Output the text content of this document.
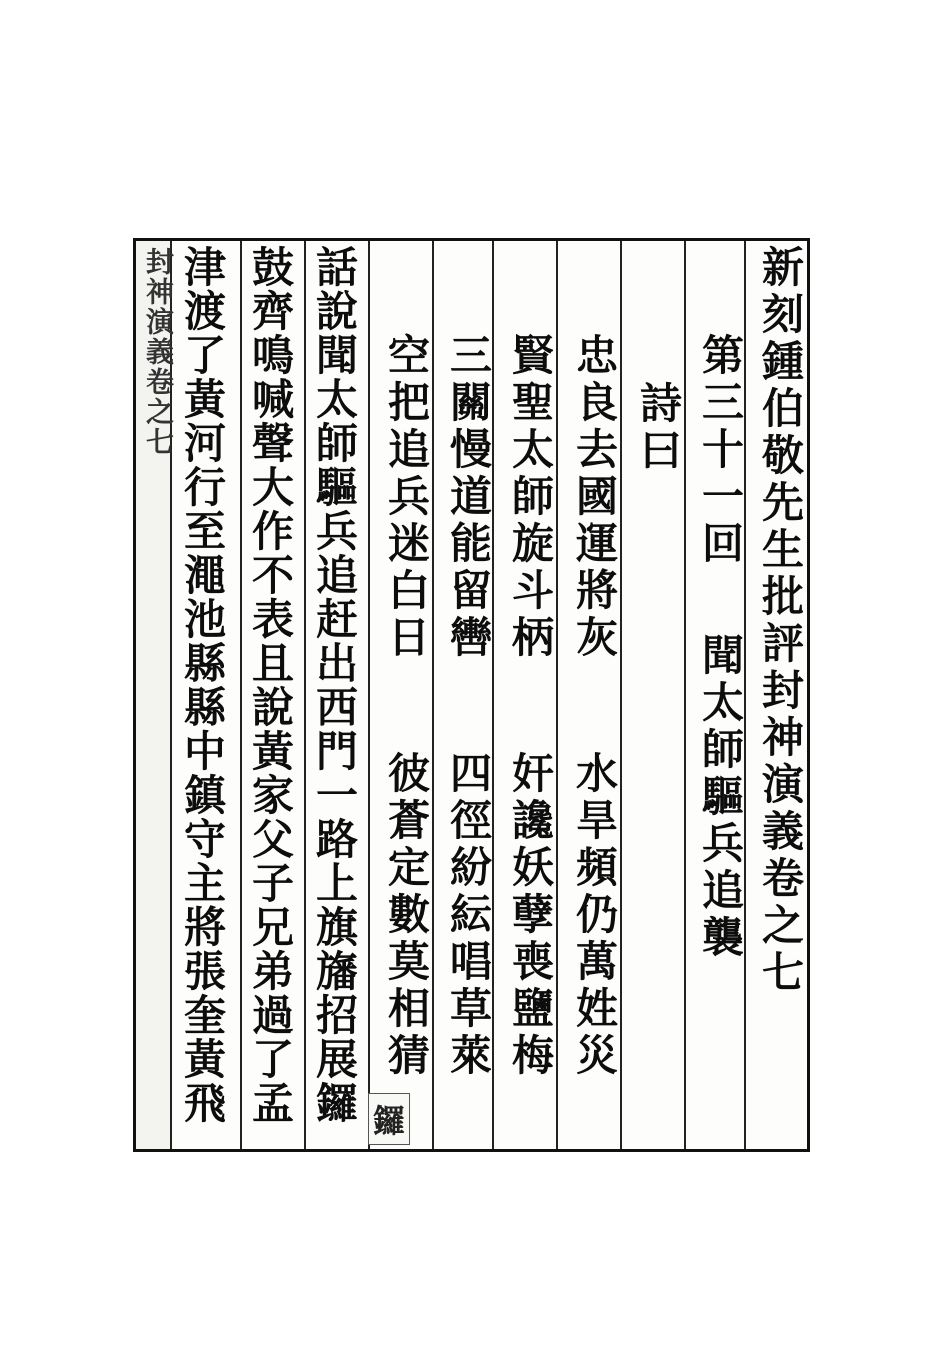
封神演義卷之七	新刻鍾伯敬先生批評封神演義卷之七
第三十一回
聞太師驅兵追襲
詩曰
忠良去國運將灰
水旱頻仍萬姓災
賢聖太師旋斗柄
奸讒妖孽喪鹽梅
三關慢道能留轡
四徑紛紜唱草萊
空把追兵迷白日
彼蒼定數莫相猜
話說聞太師驅兵追赶出西門一路上旗旛招展鑼
鼓齊鳴喊聲大作不表且說黃家父子兄弟過了孟
津渡了黃河行至澠池縣縣中鎮守主將張奎黃飛	鑼
